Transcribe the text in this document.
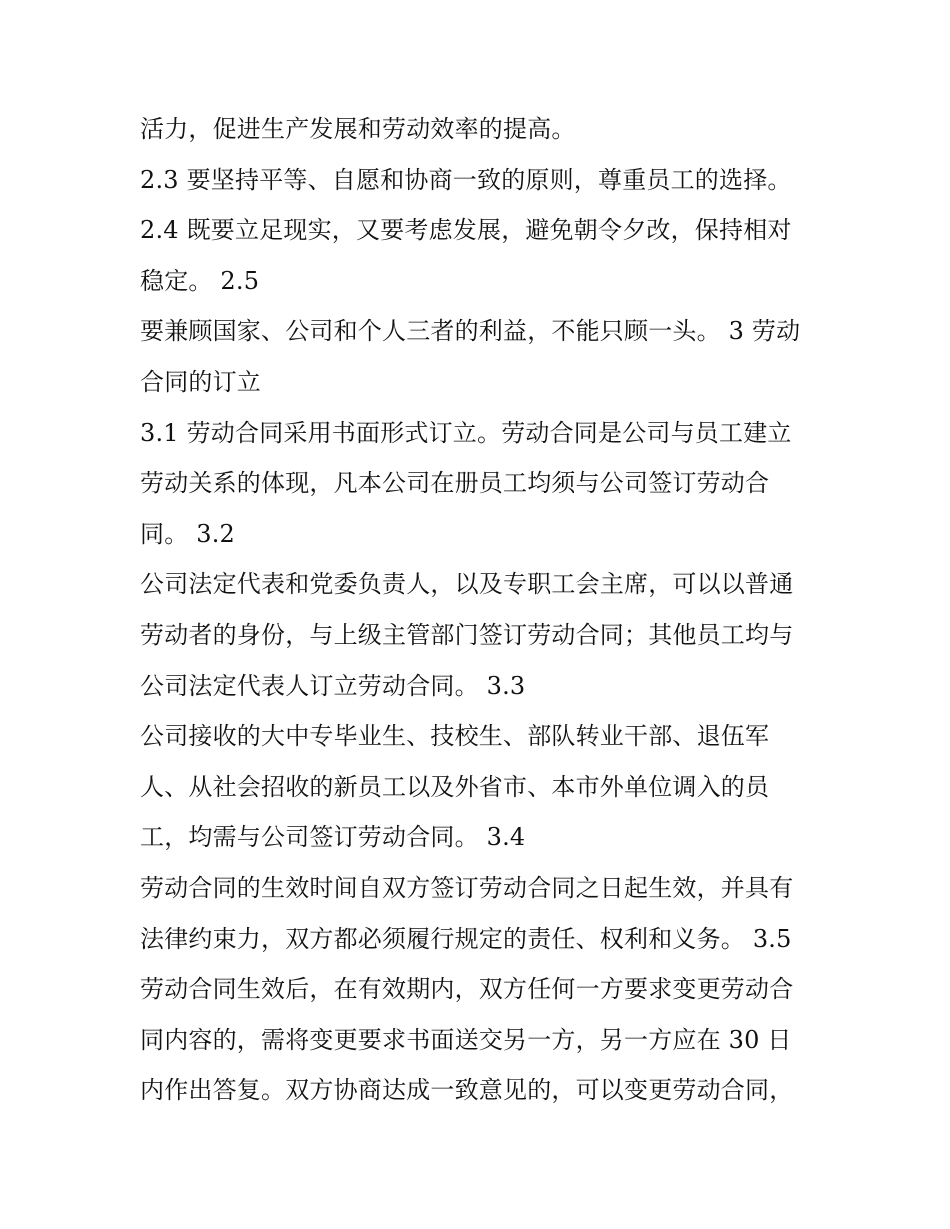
活力，促进生产发展和劳动效率的提高。
2.3 要坚持平等、自愿和协商一致的原则，尊重员工的选择。
2.4 既要立足现实，又要考虑发展，避免朝令夕改，保持相对
稳定。 2.5
要兼顾国家、公司和个人三者的利益，不能只顾一头。 3 劳动
合同的订立
3.1 劳动合同采用书面形式订立。劳动合同是公司与员工建立
劳动关系的体现，凡本公司在册员工均须与公司签订劳动合
同。 3.2
公司法定代表和党委负责人，以及专职工会主席，可以以普通
劳动者的身份，与上级主管部门签订劳动合同；其他员工均与
公司法定代表人订立劳动合同。 3.3
公司接收的大中专毕业生、技校生、部队转业干部、退伍军
人、从社会招收的新员工以及外省市、本市外单位调入的员
工，均需与公司签订劳动合同。 3.4
劳动合同的生效时间自双方签订劳动合同之日起生效，并具有
法律约束力，双方都必须履行规定的责任、权利和义务。 3.5
劳动合同生效后，在有效期内，双方任何一方要求变更劳动合
同内容的，需将变更要求书面送交另一方，另一方应在 30 日
内作出答复。双方协商达成一致意见的，可以变更劳动合同，
